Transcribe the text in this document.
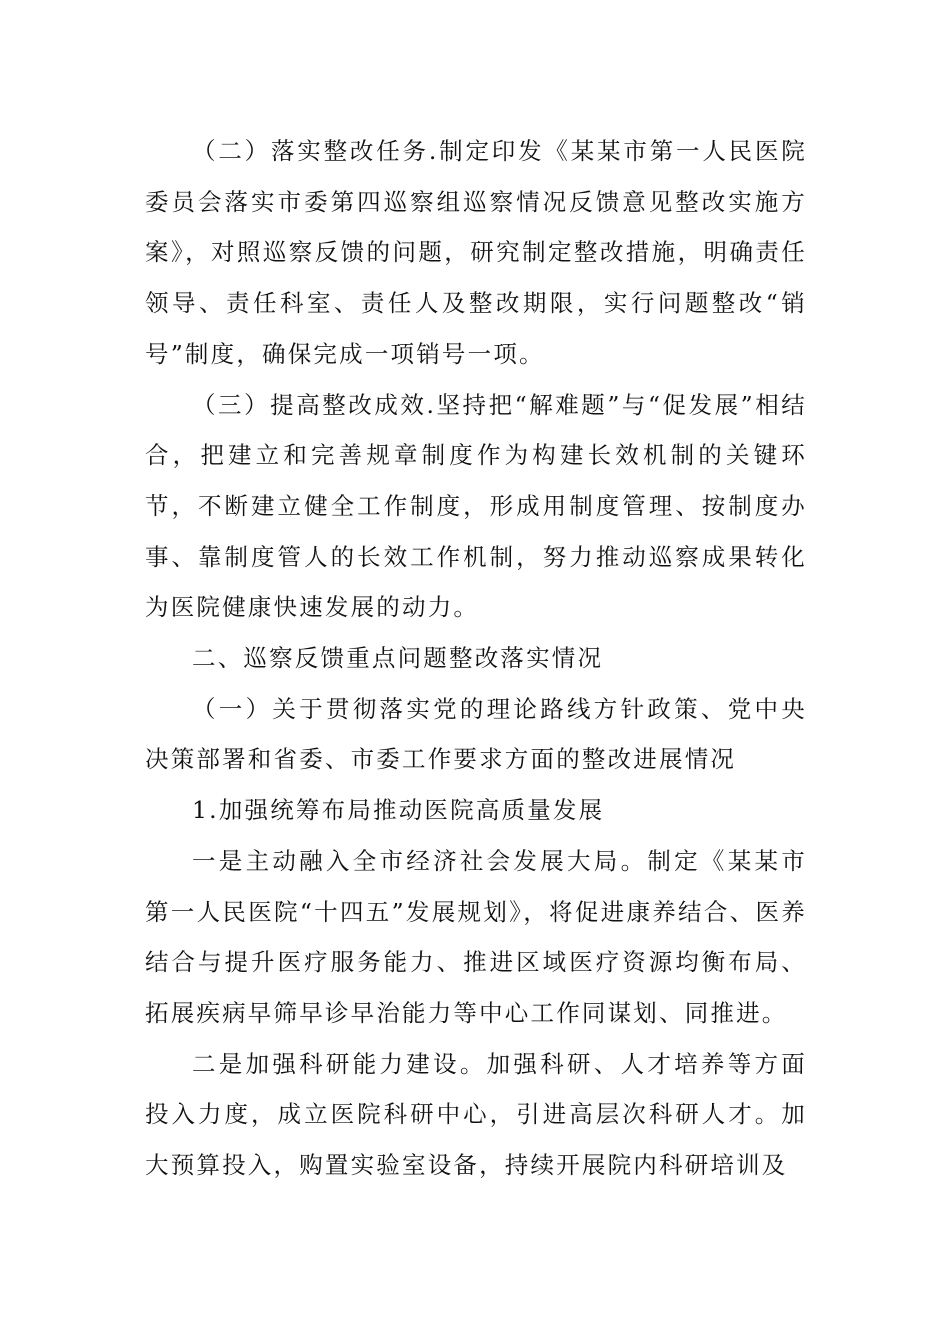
（二）落实整改任务.制定印发《某某市第一人民医院委员会落实市委第四巡察组巡察情况反馈意见整改实施方案》，对照巡察反馈的问题，研究制定整改措施，明确责任领导、责任科室、责任人及整改期限，实行问题整改“销号”制度，确保完成一项销号一项。

（三）提高整改成效.坚持把“解难题”与“促发展”相结合，把建立和完善规章制度作为构建长效机制的关键环节，不断建立健全工作制度，形成用制度管理、按制度办事、靠制度管人的长效工作机制，努力推动巡察成果转化为医院健康快速发展的动力。

二、巡察反馈重点问题整改落实情况

（一）关于贯彻落实党的理论路线方针政策、党中央决策部署和省委、市委工作要求方面的整改进展情况

1.加强统筹布局推动医院高质量发展

一是主动融入全市经济社会发展大局。制定《某某市第一人民医院“十四五”发展规划》，将促进康养结合、医养结合与提升医疗服务能力、推进区域医疗资源均衡布局、拓展疾病早筛早诊早治能力等中心工作同谋划、同推进。

二是加强科研能力建设。加强科研、人才培养等方面投入力度，成立医院科研中心，引进高层次科研人才。加大预算投入，购置实验室设备，持续开展院内科研培训及
